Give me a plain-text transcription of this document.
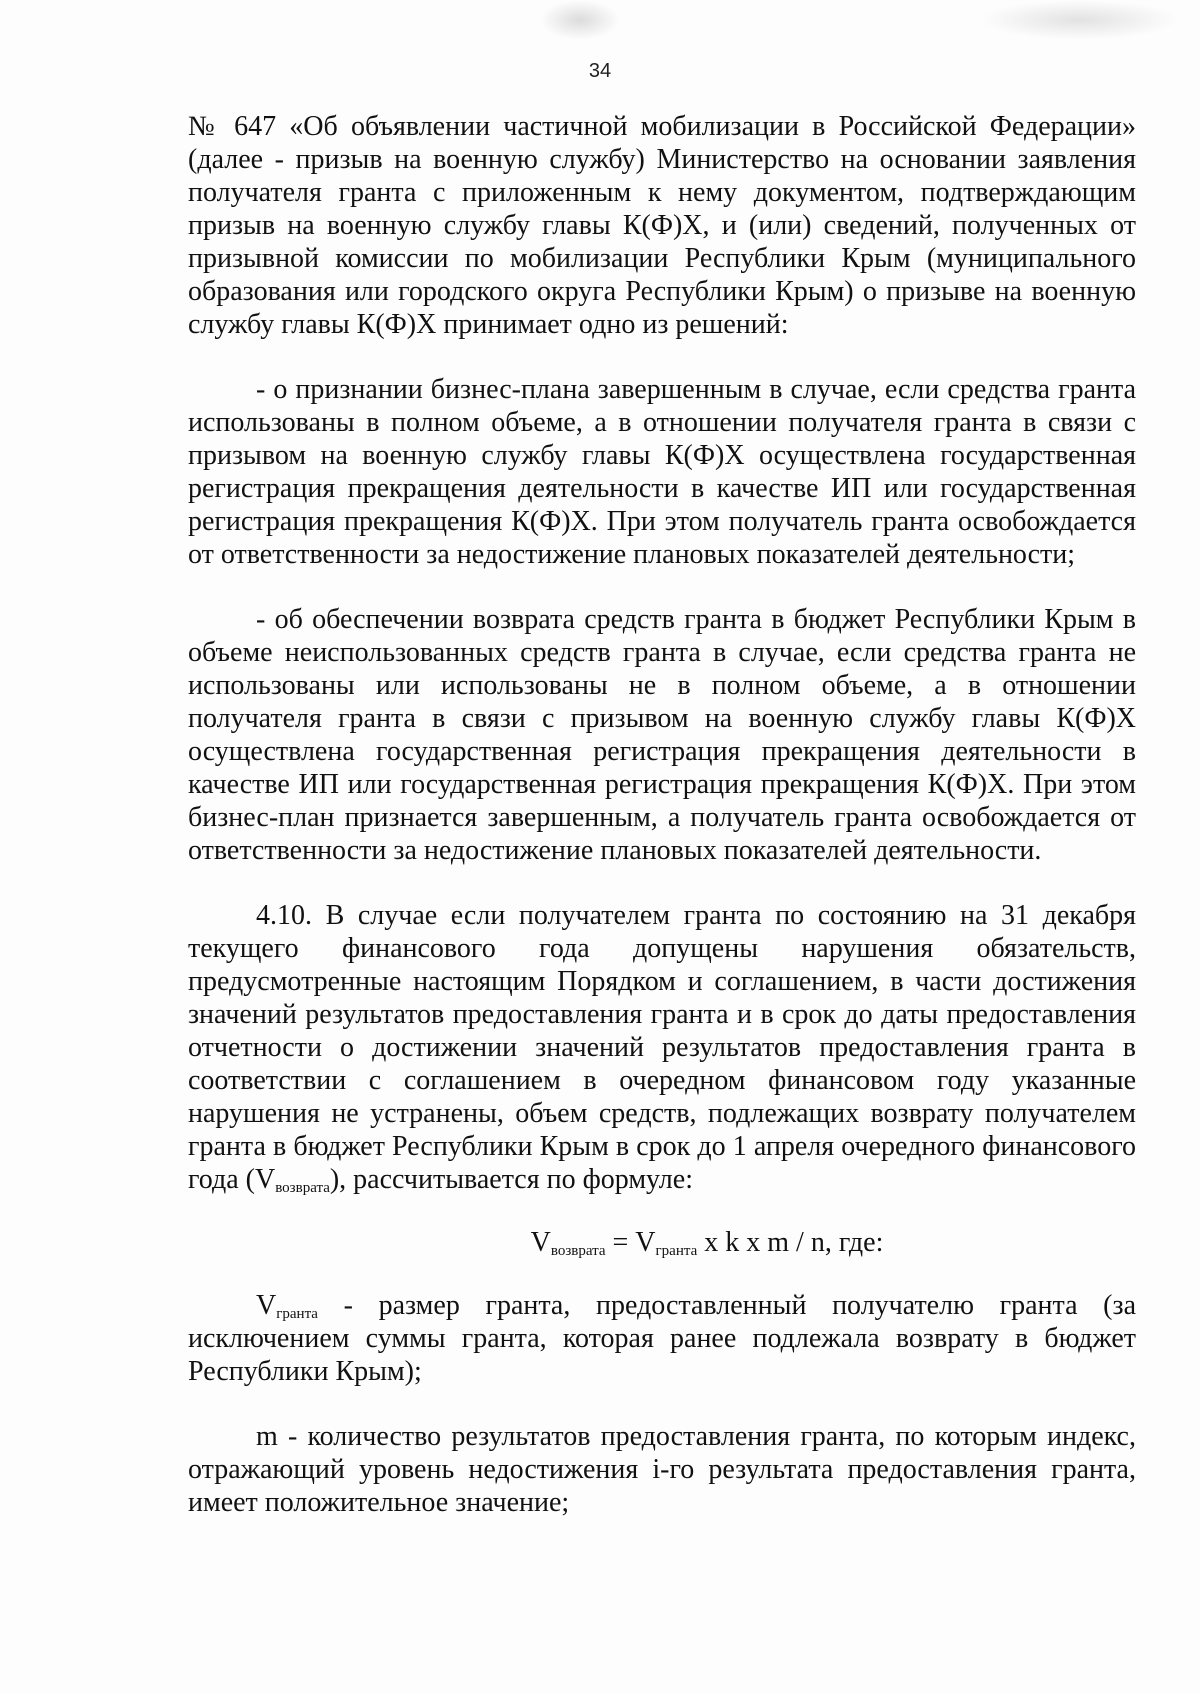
34

№ 647 «Об объявлении частичной мобилизации в Российской Федерации» (далее - призыв на военную службу) Министерство на основании заявления получателя гранта с приложенным к нему документом, подтверждающим призыв на военную службу главы К(Ф)Х, и (или) сведений, полученных от призывной комиссии по мобилизации Республики Крым (муниципального образования или городского округа Республики Крым) о призыве на военную службу главы К(Ф)Х принимает одно из решений:

- о признании бизнес-плана завершенным в случае, если средства гранта использованы в полном объеме, а в отношении получателя гранта в связи с призывом на военную службу главы К(Ф)Х осуществлена государственная регистрация прекращения деятельности в качестве ИП или государственная регистрация прекращения К(Ф)Х. При этом получатель гранта освобождается от ответственности за недостижение плановых показателей деятельности;

- об обеспечении возврата средств гранта в бюджет Республики Крым в объеме неиспользованных средств гранта в случае, если средства гранта не использованы или использованы не в полном объеме, а в отношении получателя гранта в связи с призывом на военную службу главы К(Ф)Х осуществлена государственная регистрация прекращения деятельности в качестве ИП или государственная регистрация прекращения К(Ф)Х. При этом бизнес-план признается завершенным, а получатель гранта освобождается от ответственности за недостижение плановых показателей деятельности.

4.10. В случае если получателем гранта по состоянию на 31 декабря текущего финансового года допущены нарушения обязательств, предусмотренные настоящим Порядком и соглашением, в части достижения значений результатов предоставления гранта и в срок до даты предоставления отчетности о достижении значений результатов предоставления гранта в соответствии с соглашением в очередном финансовом году указанные нарушения не устранены, объем средств, подлежащих возврату получателем гранта в бюджет Республики Крым в срок до 1 апреля очередного финансового года $(V_{возврата})$, рассчитывается по формуле:

$V_{возврата} = V_{гранта}$ x k x m / n, где:

$V_{гранта}$ - размер гранта, предоставленный получателю гранта (за исключением суммы гранта, которая ранее подлежала возврату в бюджет Республики Крым);

m - количество результатов предоставления гранта, по которым индекс, отражающий уровень недостижения i-го результата предоставления гранта, имеет положительное значение;
